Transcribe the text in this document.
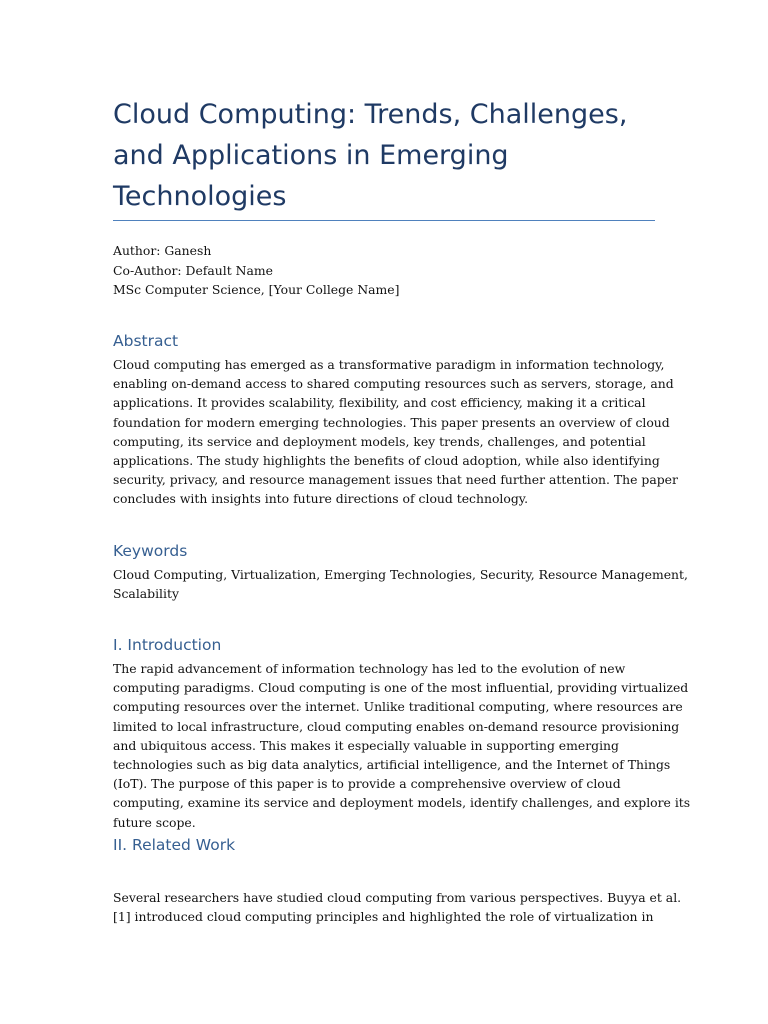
Cloud Computing: Trends, Challenges, and Applications in Emerging Technologies
Author: Ganesh
Co-Author: Default Name
MSc Computer Science, [Your College Name]
Abstract
Cloud computing has emerged as a transformative paradigm in information technology,
enabling on-demand access to shared computing resources such as servers, storage, and
applications. It provides scalability, flexibility, and cost efficiency, making it a critical
foundation for modern emerging technologies. This paper presents an overview of cloud
computing, its service and deployment models, key trends, challenges, and potential
applications. The study highlights the benefits of cloud adoption, while also identifying
security, privacy, and resource management issues that need further attention. The paper
concludes with insights into future directions of cloud technology.
Keywords
Cloud Computing, Virtualization, Emerging Technologies, Security, Resource Management,
Scalability
I. Introduction
The rapid advancement of information technology has led to the evolution of new
computing paradigms. Cloud computing is one of the most influential, providing virtualized
computing resources over the internet. Unlike traditional computing, where resources are
limited to local infrastructure, cloud computing enables on-demand resource provisioning
and ubiquitous access. This makes it especially valuable in supporting emerging
technologies such as big data analytics, artificial intelligence, and the Internet of Things
(IoT). The purpose of this paper is to provide a comprehensive overview of cloud
computing, examine its service and deployment models, identify challenges, and explore its
future scope.
II. Related Work
Several researchers have studied cloud computing from various perspectives. Buyya et al.
[1] introduced cloud computing principles and highlighted the role of virtualization in
